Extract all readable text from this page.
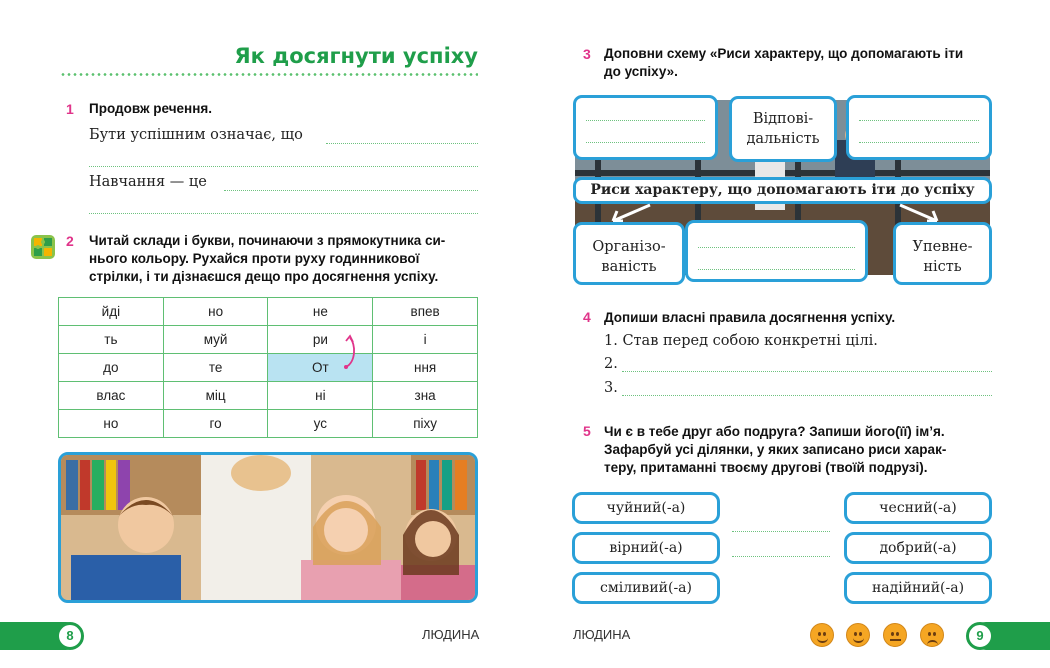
Як досягнути успіху
1 Продовж речення.
Бути успішним означає, що
Навчання — це
2 Читай склади і букви, починаючи з прямокутника си-
нього кольору. Рухайся проти руху годинникової
стрілки, і ти дізнаєшся дещо про досягнення успіху.
йді	но	не	впев
ть	муй	ри	і
до	те	От	ння
влас	міц	ні	зна
но	го	ус	піху
8	ЛЮДИНА
3 Доповни схему «Риси характеру, що допомагають іти
до успіху».
Відпові-
дальність
Риси характеру, що допомагають іти до успіху
Організо-
ваність
Упевне-
ність
4 Допиши власні правила досягнення успіху.
1. Став перед собою конкретні цілі.
2.
3.
5 Чи є в тебе друг або подруга? Запиши його(її) ім’я.
Зафарбуй усі ділянки, у яких записано риси харак-
теру, притаманні твоєму другові (твоїй подрузі).
чуйний(-а)
вірний(-а)
сміливий(-а)
чесний(-а)
добрий(-а)
надійний(-а)
ЛЮДИНА	9
